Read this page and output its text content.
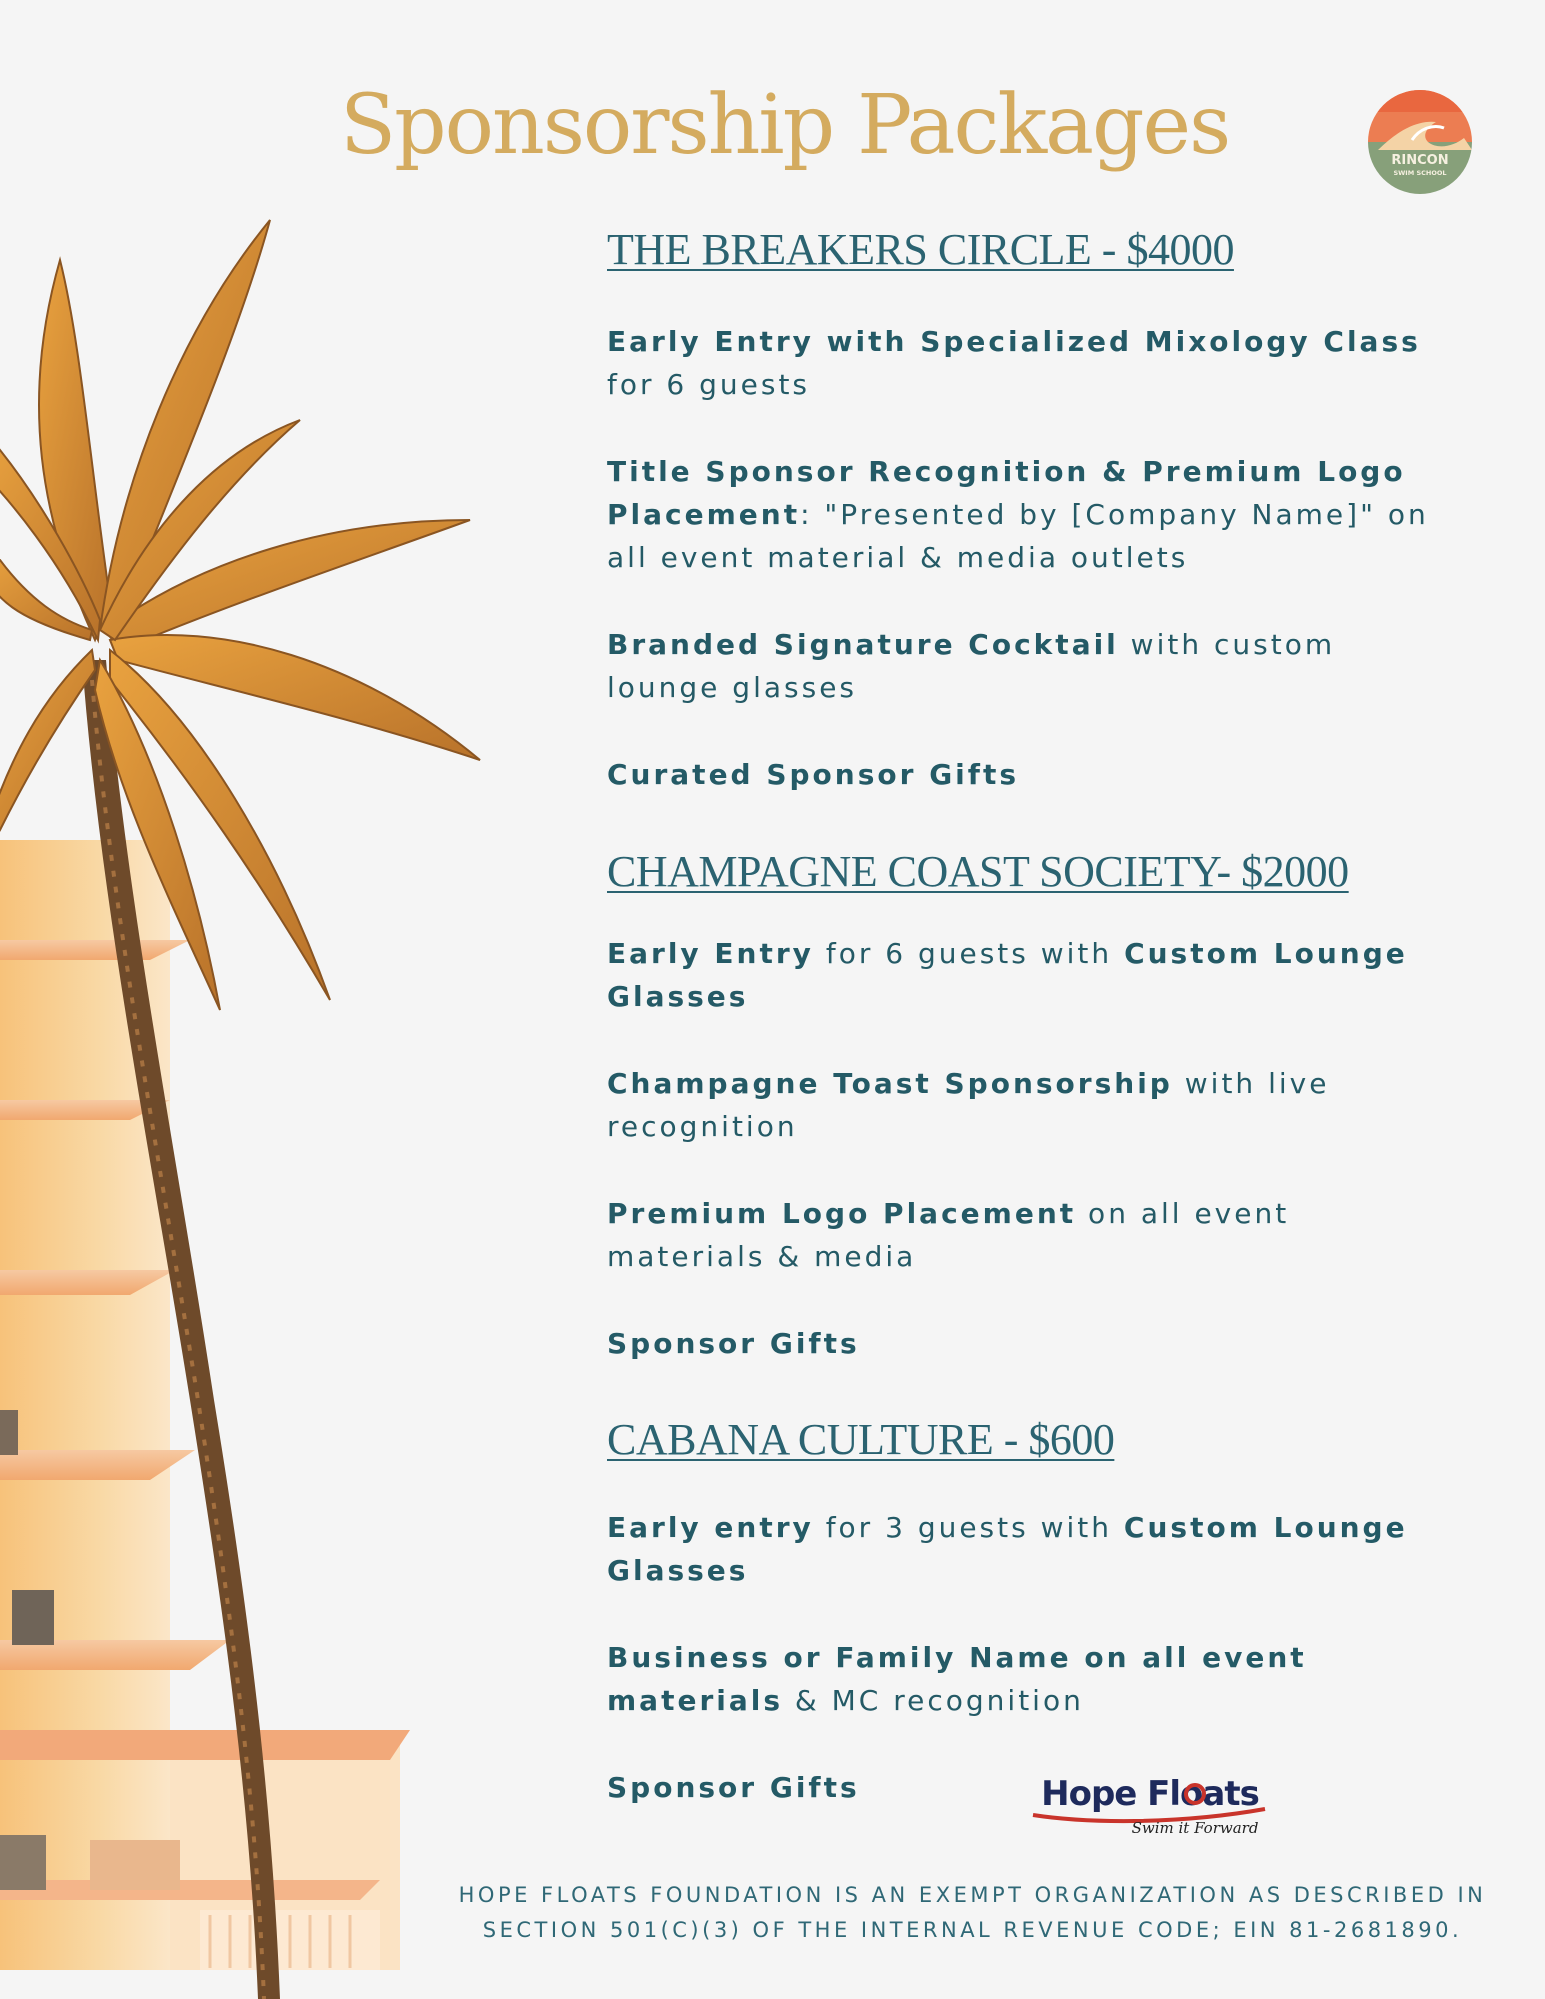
Sponsorship Packages	RINCON
SWIM SCHOOL
THE BREAKERS CIRCLE - $4000

Early Entry with Specialized Mixology Class for 6 guests

Title Sponsor Recognition & Premium Logo Placement: "Presented by [Company Name]" on all event material & media outlets

Branded Signature Cocktail with custom lounge glasses

Curated Sponsor Gifts

CHAMPAGNE COAST SOCIETY- $2000

Early Entry for 6 guests with Custom Lounge Glasses

Champagne Toast Sponsorship with live recognition

Premium Logo Placement on all event materials & media

Sponsor Gifts

CABANA CULTURE - $600

Early entry for 3 guests with Custom Lounge Glasses

Business or Family Name on all event materials & MC recognition

Sponsor Gifts	Hope Floats
Swim it Forward
HOPE FLOATS FOUNDATION IS AN EXEMPT ORGANIZATION AS DESCRIBED IN
SECTION 501(C)(3) OF THE INTERNAL REVENUE CODE; EIN 81-2681890.
